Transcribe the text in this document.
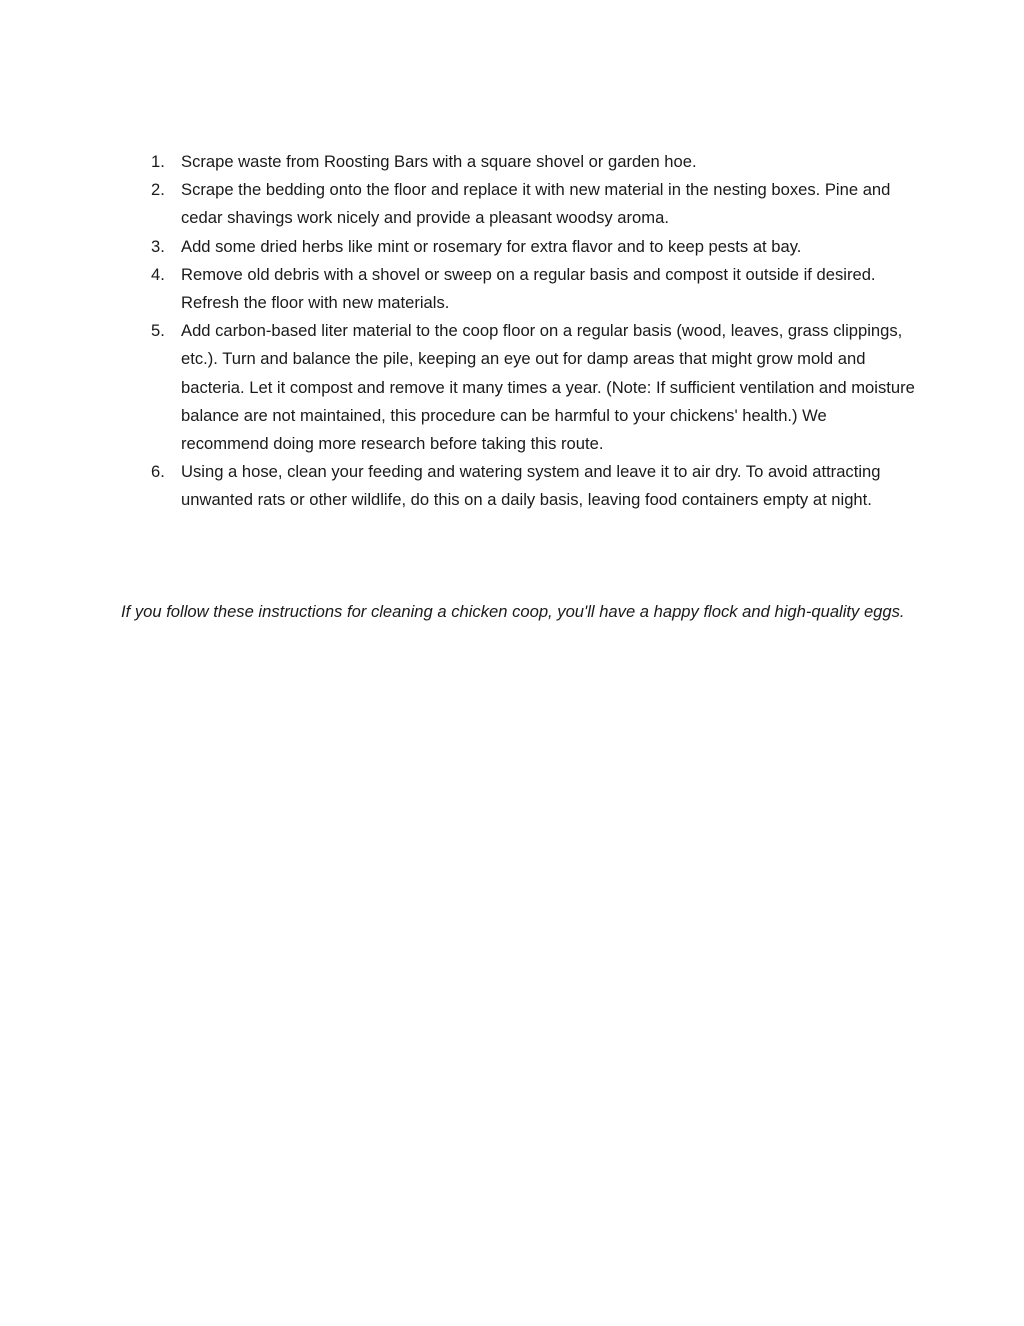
1. Scrape waste from Roosting Bars with a square shovel or garden hoe.
2. Scrape the bedding onto the floor and replace it with new material in the nesting boxes. Pine and cedar shavings work nicely and provide a pleasant woodsy aroma.
3. Add some dried herbs like mint or rosemary for extra flavor and to keep pests at bay.
4. Remove old debris with a shovel or sweep on a regular basis and compost it outside if desired. Refresh the floor with new materials.
5. Add carbon-based liter material to the coop floor on a regular basis (wood, leaves, grass clippings, etc.). Turn and balance the pile, keeping an eye out for damp areas that might grow mold and bacteria. Let it compost and remove it many times a year. (Note: If sufficient ventilation and moisture balance are not maintained, this procedure can be harmful to your chickens' health.) We recommend doing more research before taking this route.
6. Using a hose, clean your feeding and watering system and leave it to air dry. To avoid attracting unwanted rats or other wildlife, do this on a daily basis, leaving food containers empty at night.

If you follow these instructions for cleaning a chicken coop, you'll have a happy flock and high-quality eggs.
